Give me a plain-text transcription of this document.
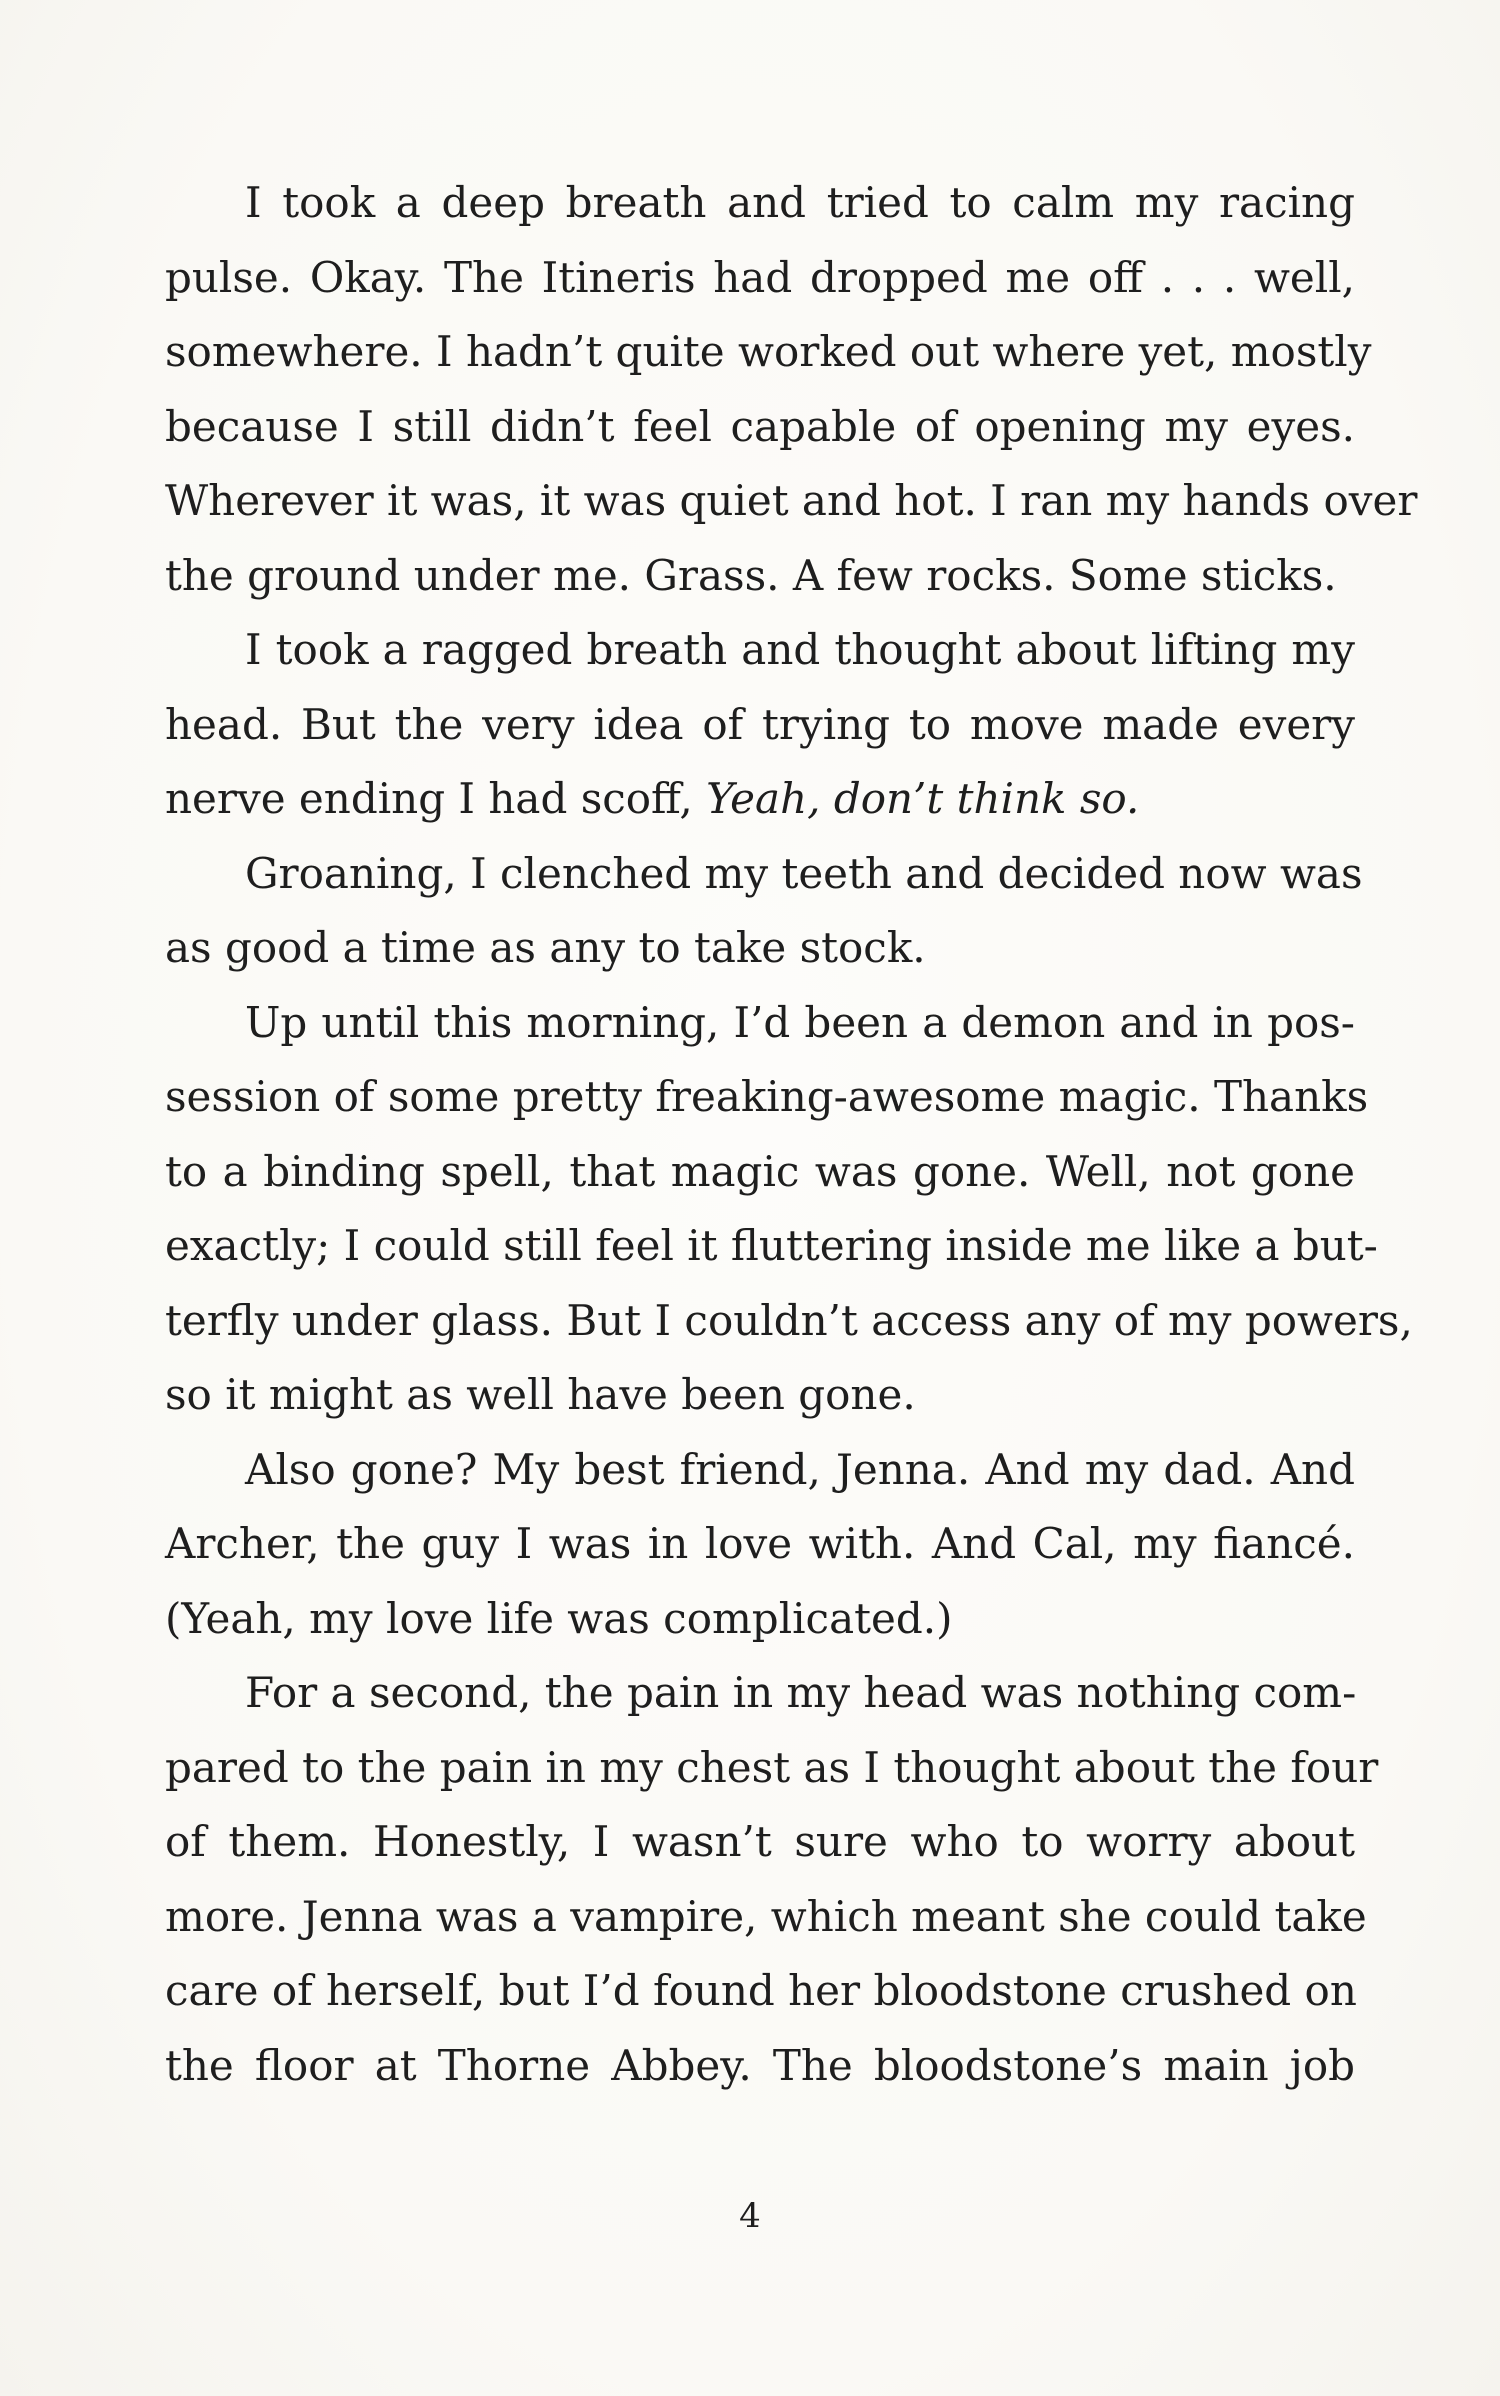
I took a deep breath and tried to calm my racing
pulse. Okay. The Itineris had dropped me off . . . well,
somewhere. I hadn’t quite worked out where yet, mostly
because I still didn’t feel capable of opening my eyes.
Wherever it was, it was quiet and hot. I ran my hands over
the ground under me. Grass. A few rocks. Some sticks.

I took a ragged breath and thought about lifting my
head. But the very idea of trying to move made every
nerve ending I had scoff, Yeah, don’t think so.

Groaning, I clenched my teeth and decided now was
as good a time as any to take stock.

Up until this morning, I’d been a demon and in pos-
session of some pretty freaking-awesome magic. Thanks
to a binding spell, that magic was gone. Well, not gone
exactly; I could still feel it fluttering inside me like a but-
terfly under glass. But I couldn’t access any of my powers,
so it might as well have been gone.

Also gone? My best friend, Jenna. And my dad. And
Archer, the guy I was in love with. And Cal, my fiancé.
(Yeah, my love life was complicated.)

For a second, the pain in my head was nothing com-
pared to the pain in my chest as I thought about the four
of them. Honestly, I wasn’t sure who to worry about
more. Jenna was a vampire, which meant she could take
care of herself, but I’d found her bloodstone crushed on
the floor at Thorne Abbey. The bloodstone’s main job

4
